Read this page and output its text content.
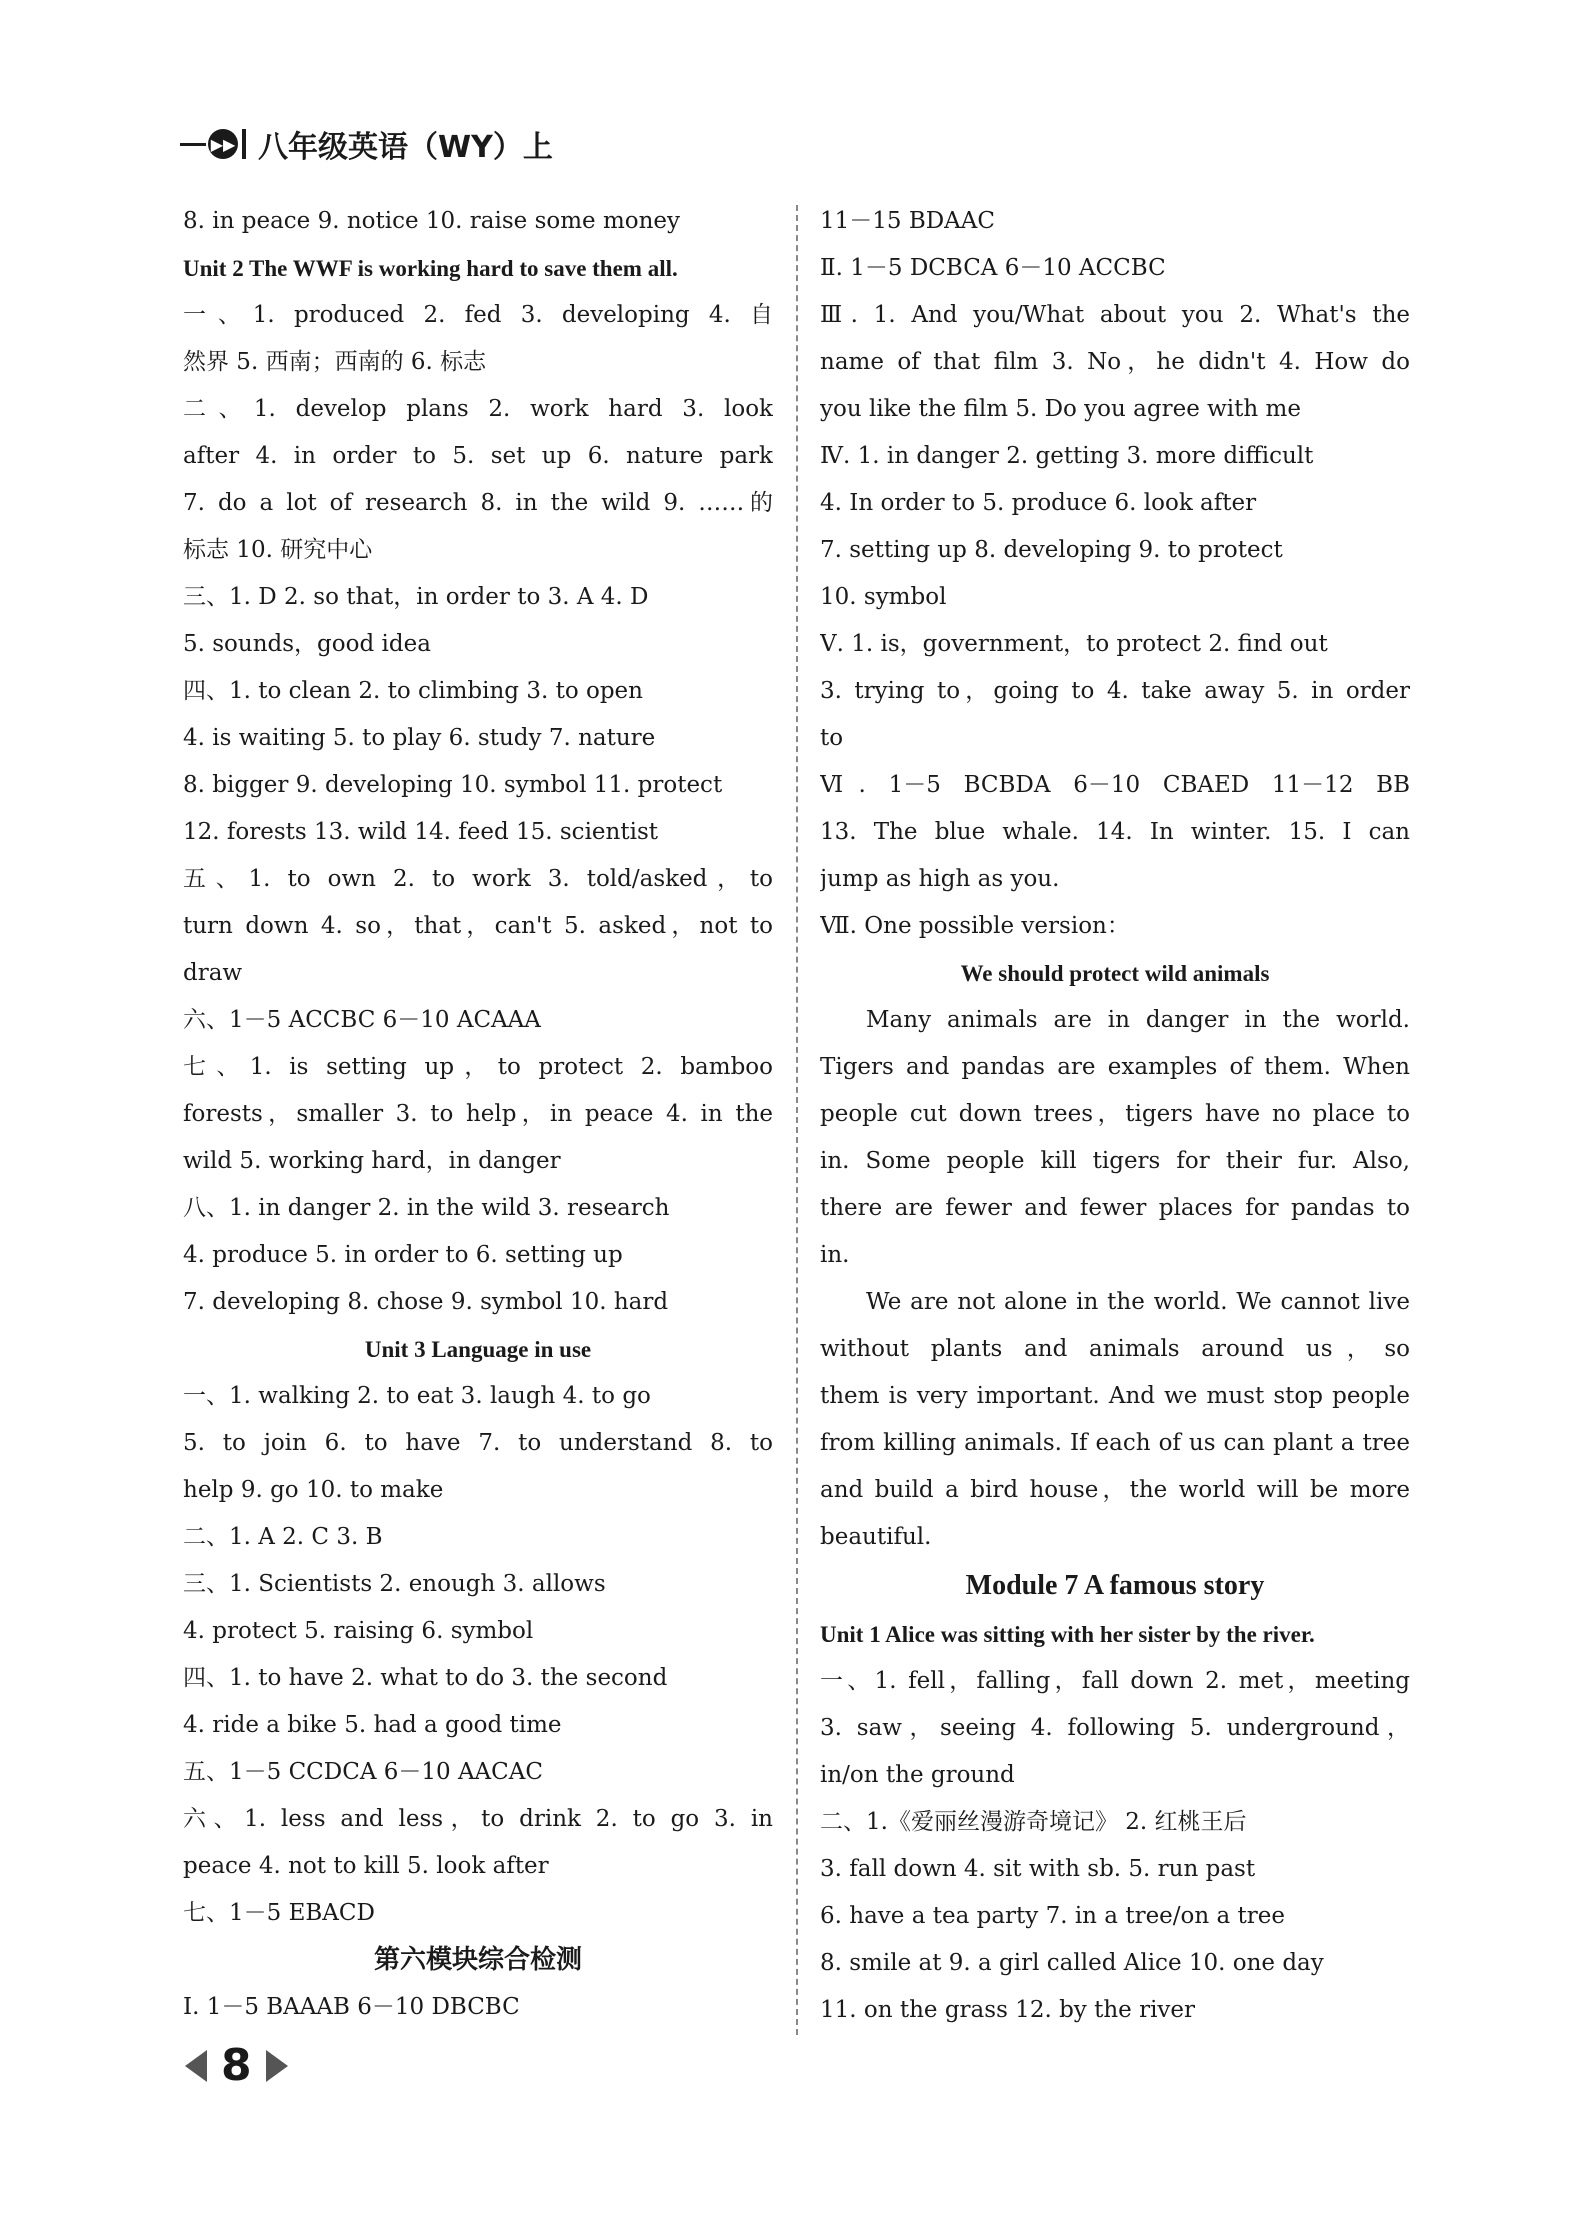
▶▶ 八年级英语（WY）上
8. in peace 9. notice 10. raise some money
Unit 2 The WWF is working hard to save them all.
一、1. produced 2. fed 3. developing 4. 自
然界 5. 西南；西南的 6. 标志
二、1. develop plans 2. work hard 3. look
after 4. in order to 5. set up 6. nature park
7. do a lot of research 8. in the wild 9. ……的
标志 10. 研究中心
三、1. D 2. so that，in order to 3. A 4. D
5. sounds，good idea
四、1. to clean 2. to climbing 3. to open
4. is waiting 5. to play 6. study 7. nature
8. bigger 9. developing 10. symbol 11. protect
12. forests 13. wild 14. feed 15. scientist
五、1. to own 2. to work 3. told/asked，to
turn down 4. so，that，can't 5. asked，not to
draw
六、1－5 ACCBC 6－10 ACAAA
七、1. is setting up，to protect 2. bamboo
forests，smaller 3. to help，in peace 4. in the
wild 5. working hard，in danger
八、1. in danger 2. in the wild 3. research
4. produce 5. in order to 6. setting up
7. developing 8. chose 9. symbol 10. hard
Unit 3 Language in use
一、1. walking 2. to eat 3. laugh 4. to go
5. to join 6. to have 7. to understand 8. to
help 9. go 10. to make
二、1. A 2. C 3. B
三、1. Scientists 2. enough 3. allows
4. protect 5. raising 6. symbol
四、1. to have 2. what to do 3. the second
4. ride a bike 5. had a good time
五、1－5 CCDCA 6－10 AACAC
六、1. less and less，to drink 2. to go 3. in
peace 4. not to kill 5. look after
七、1－5 EBACD
第六模块综合检测
Ⅰ. 1－5 BAAAB 6－10 DBCBC
11－15 BDAAC
Ⅱ. 1－5 DCBCA 6－10 ACCBC
Ⅲ. 1. And you/What about you 2. What's the
name of that film 3. No，he didn't 4. How do
you like the film 5. Do you agree with me
Ⅳ. 1. in danger 2. getting 3. more difficult
4. In order to 5. produce 6. look after
7. setting up 8. developing 9. to protect
10. symbol
Ⅴ. 1. is，government，to protect 2. find out
3. trying to，going to 4. take away 5. in order
to
Ⅵ. 1－5 BCBDA 6－10 CBAED 11－12 BB
13. The blue whale. 14. In winter. 15. I can
jump as high as you.
Ⅶ. One possible version：
We should protect wild animals
Many animals are in danger in the world.
Tigers and pandas are examples of them. When
people cut down trees，tigers have no place to
in. Some people kill tigers for their fur. Also,
there are fewer and fewer places for pandas to
in.
We are not alone in the world. We cannot live
without plants and animals around us，so
them is very important. And we must stop people
from killing animals. If each of us can plant a tree
and build a bird house，the world will be more
beautiful.
Module 7 A famous story
Unit 1 Alice was sitting with her sister by the river.
一、1. fell，falling，fall down 2. met，meeting
3. saw，seeing 4. following 5. underground，
in/on the ground
二、1.《爱丽丝漫游奇境记》 2. 红桃王后
3. fall down 4. sit with sb. 5. run past
6. have a tea party 7. in a tree/on a tree
8. smile at 9. a girl called Alice 10. one day
11. on the grass 12. by the river
8
